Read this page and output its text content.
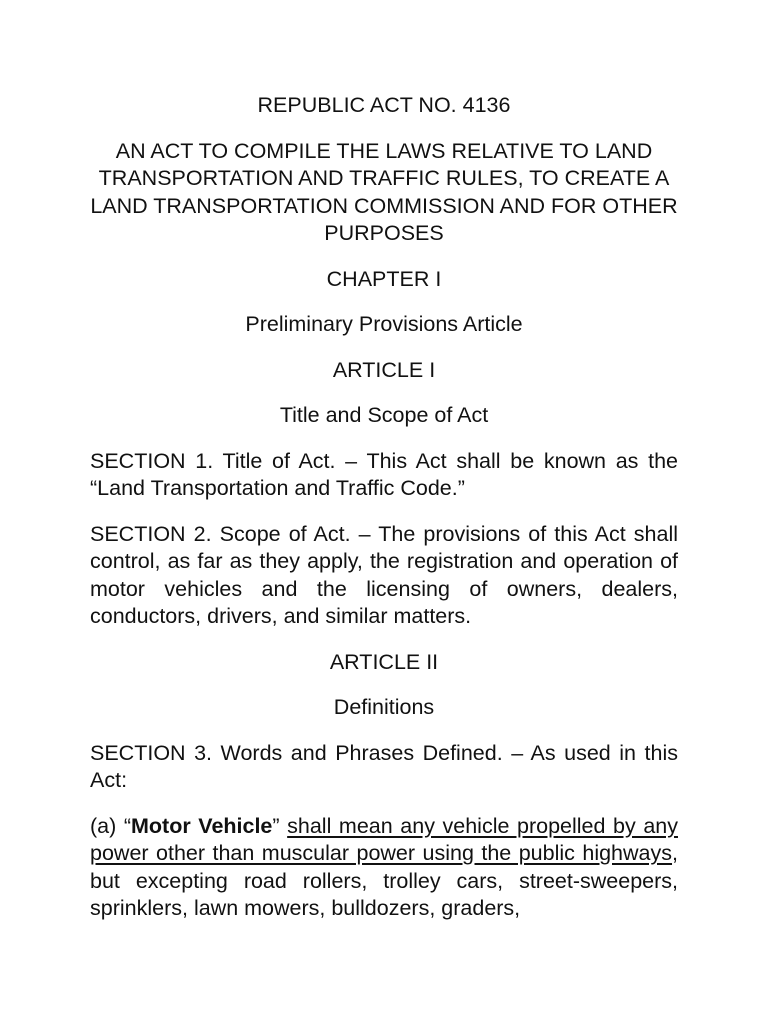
REPUBLIC ACT NO. 4136

AN ACT TO COMPILE THE LAWS RELATIVE TO LAND TRANSPORTATION AND TRAFFIC RULES, TO CREATE A LAND TRANSPORTATION COMMISSION AND FOR OTHER PURPOSES

CHAPTER I

Preliminary Provisions Article

ARTICLE I

Title and Scope of Act

SECTION 1. Title of Act. – This Act shall be known as the “Land Transportation and Traffic Code.”

SECTION 2. Scope of Act. – The provisions of this Act shall control, as far as they apply, the registration and operation of motor vehicles and the licensing of owners, dealers, conductors, drivers, and similar matters.

ARTICLE II

Definitions

SECTION 3. Words and Phrases Defined. – As used in this Act:

(a) “Motor Vehicle” shall mean any vehicle propelled by any power other than muscular power using the public highways, but excepting road rollers, trolley cars, street-sweepers, sprinklers, lawn mowers, bulldozers, graders,
